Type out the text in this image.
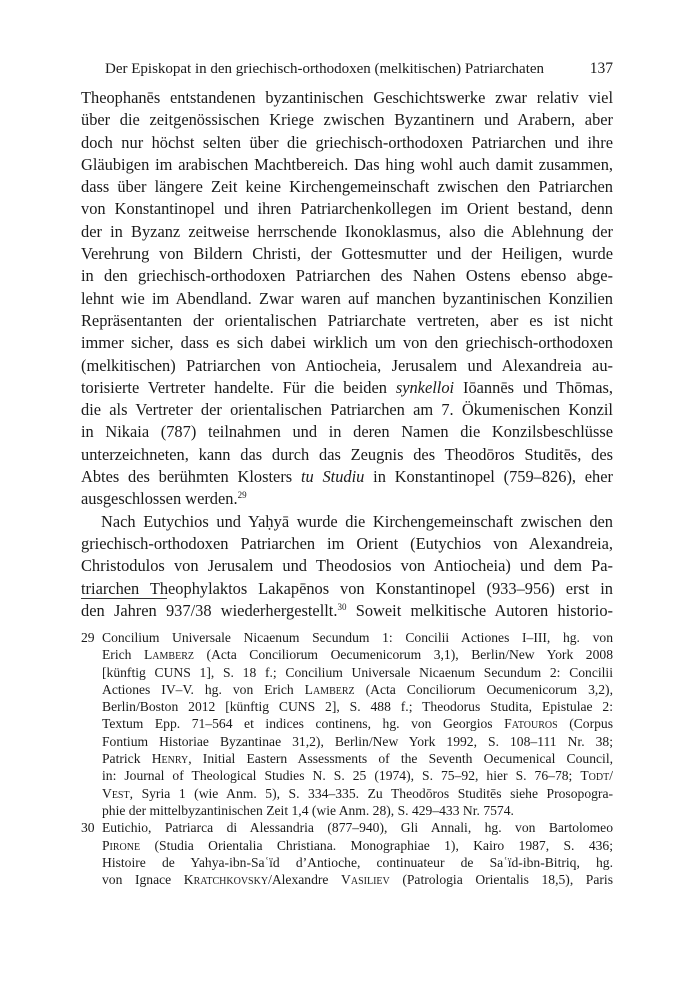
Der Episkopat in den griechisch-orthodoxen (melkitischen) Patriarchaten	137
Theophanēs entstandenen byzantinischen Geschichtswerke zwar relativ viel
über die zeitgenössischen Kriege zwischen Byzantinern und Arabern, aber
doch nur höchst selten über die griechisch-orthodoxen Patriarchen und ihre
Gläubigen im arabischen Machtbereich. Das hing wohl auch damit zusammen,
dass über längere Zeit keine Kirchengemeinschaft zwischen den Patriarchen
von Konstantinopel und ihren Patriarchenkollegen im Orient bestand, denn
der in Byzanz zeitweise herrschende Ikonoklasmus, also die Ablehnung der
Verehrung von Bildern Christi, der Gottesmutter und der Heiligen, wurde
in den griechisch-orthodoxen Patriarchen des Nahen Ostens ebenso abge-
lehnt wie im Abendland. Zwar waren auf manchen byzantinischen Konzilien
Repräsentanten der orientalischen Patriarchate vertreten, aber es ist nicht
immer sicher, dass es sich dabei wirklich um von den griechisch-orthodoxen
(melkitischen) Patriarchen von Antiocheia, Jerusalem und Alexandreia au-
torisierte Vertreter handelte. Für die beiden synkelloi Iōannēs und Thōmas,
die als Vertreter der orientalischen Patriarchen am 7. Ökumenischen Konzil
in Nikaia (787) teilnahmen und in deren Namen die Konzilsbeschlüsse
unterzeichneten, kann das durch das Zeugnis des Theodōros Studitēs, des
Abtes des berühmten Klosters tu Studiu in Konstantinopel (759–826), eher
ausgeschlossen werden.$^{29}$
Nach Eutychios und Yaḥyā wurde die Kirchengemeinschaft zwischen den
griechisch-orthodoxen Patriarchen im Orient (Eutychios von Alexandreia,
Christodulos von Jerusalem und Theodosios von Antiocheia) und dem Pa-
triarchen Theophylaktos Lakapēnos von Konstantinopel (933–956) erst in
den Jahren 937/38 wiederhergestellt.$^{30}$ Soweit melkitische Autoren historio-
29 Concilium Universale Nicaenum Secundum 1: Concilii Actiones I–III, hg. von
Erich Lamberz (Acta Conciliorum Oecumenicorum 3,1), Berlin/New York 2008
[künftig CUNS 1], S. 18 f.; Concilium Universale Nicaenum Secundum 2: Concilii
Actiones IV–V. hg. von Erich Lamberz (Acta Conciliorum Oecumenicorum 3,2),
Berlin/Boston 2012 [künftig CUNS 2], S. 488 f.; Theodorus Studita, Epistulae 2:
Textum Epp. 71–564 et indices continens, hg. von Georgios Fatouros (Corpus
Fontium Historiae Byzantinae 31,2), Berlin/New York 1992, S. 108–111 Nr. 38;
Patrick Henry, Initial Eastern Assessments of the Seventh Oecumenical Council,
in: Journal of Theological Studies N. S. 25 (1974), S. 75–92, hier S. 76–78; Todt/
Vest, Syria 1 (wie Anm. 5), S. 334–335. Zu Theodōros Studitēs siehe Prosopogra-
phie der mittelbyzantinischen Zeit 1,4 (wie Anm. 28), S. 429–433 Nr. 7574.
30 Eutichio, Patriarca di Alessandria (877–940), Gli Annali, hg. von Bartolomeo
Pirone (Studia Orientalia Christiana. Monographiae 1), Kairo 1987, S. 436;
Histoire de Yahya-ibn-Saʿïd d’Antioche, continuateur de Saʿïd-ibn-Bitriq, hg.
von Ignace Kratchkovsky/Alexandre Vasiliev (Patrologia Orientalis 18,5), Paris
